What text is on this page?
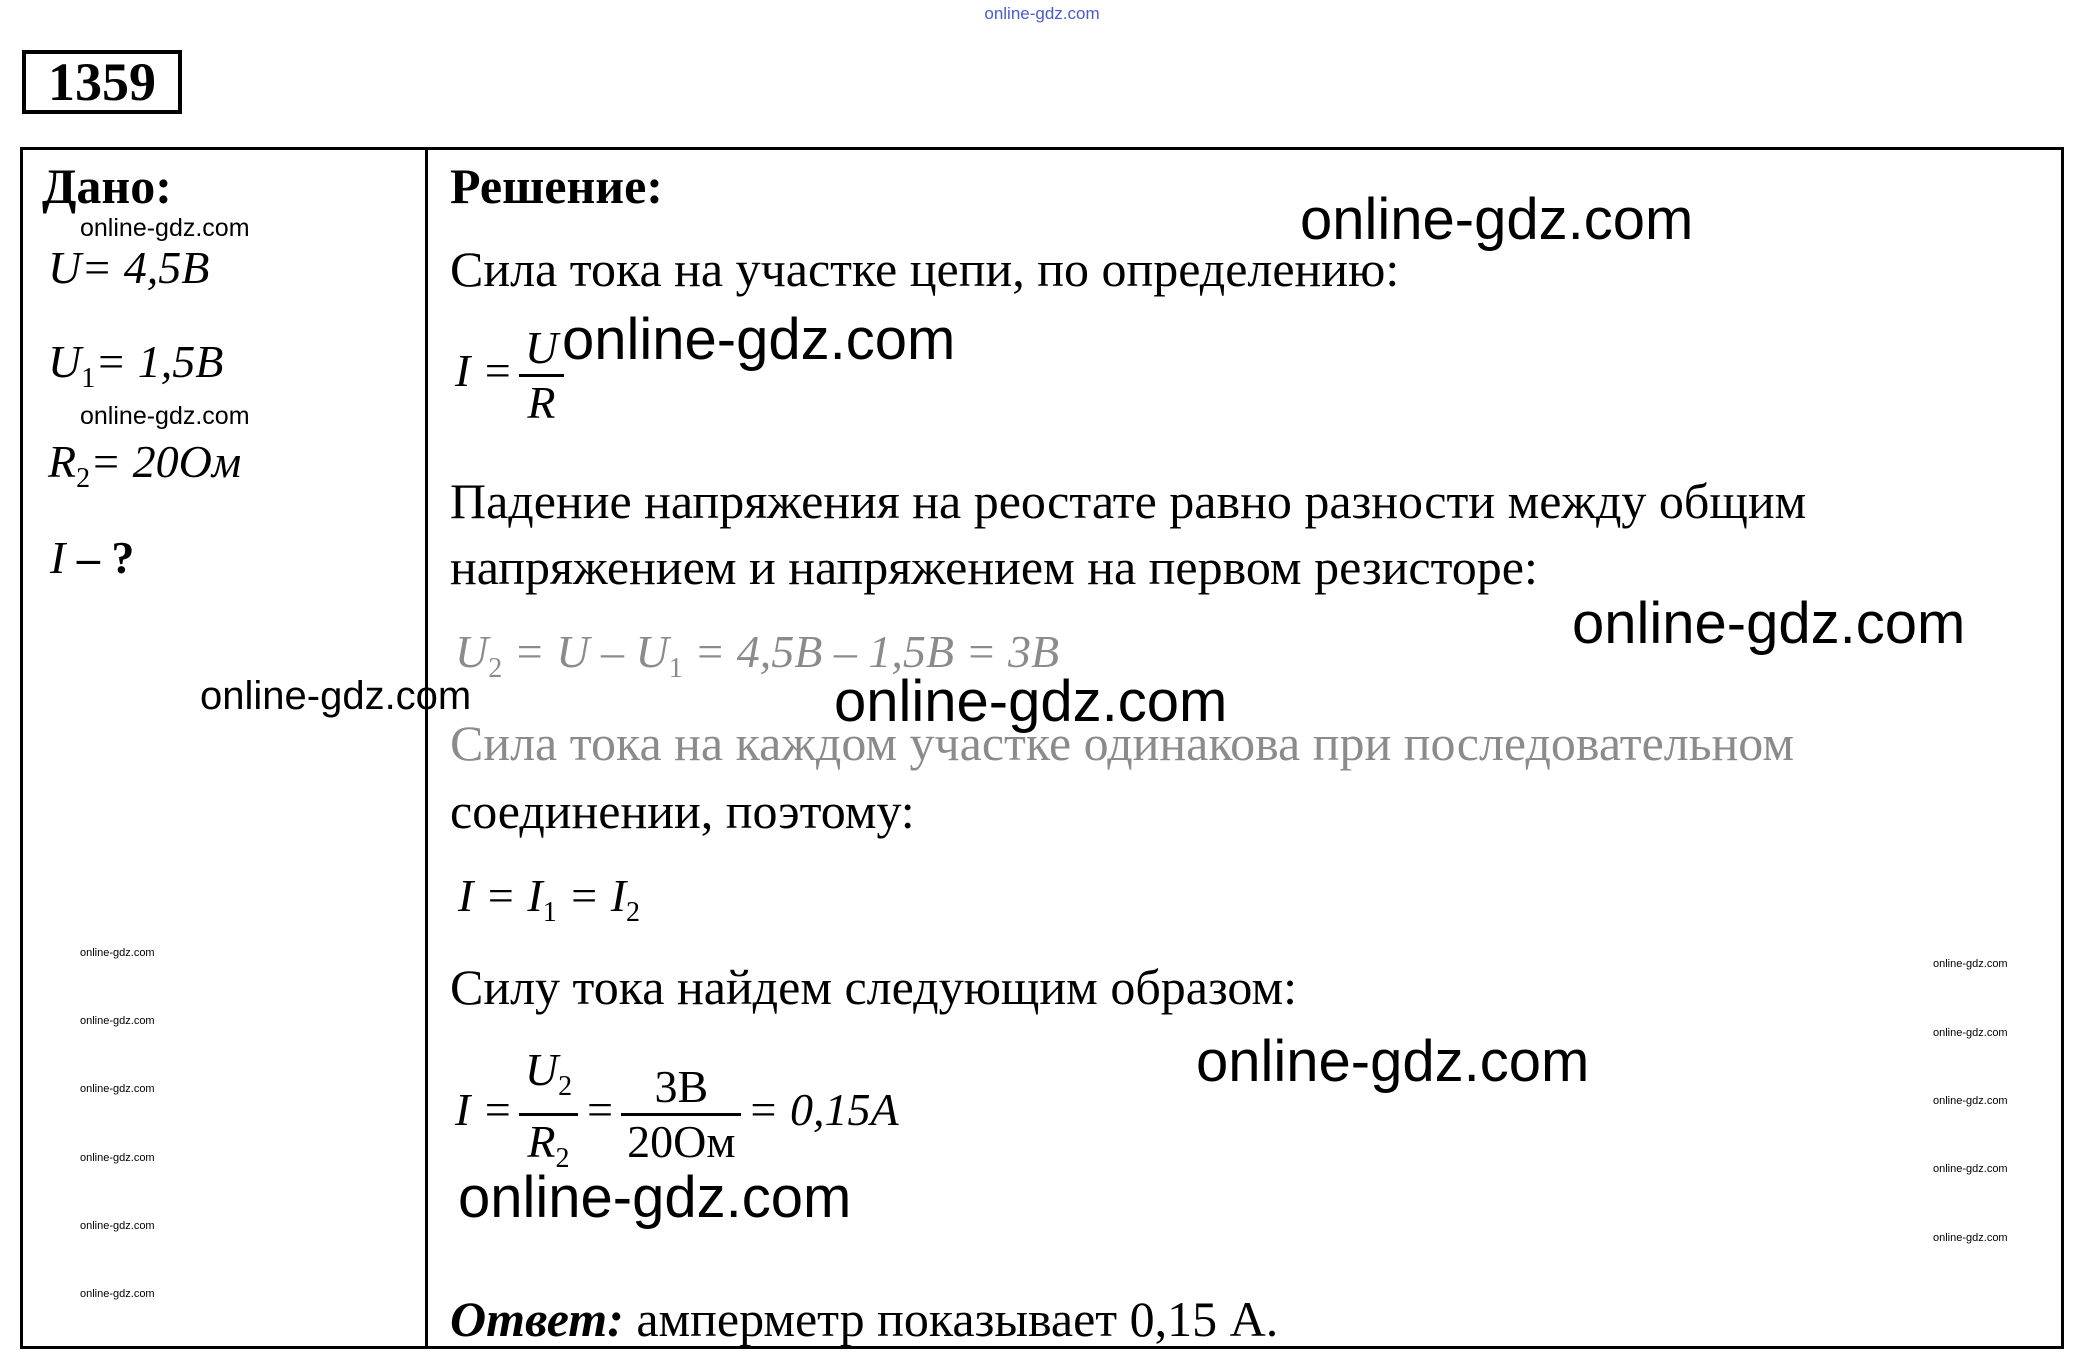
online-gdz.com
1359
Дано:
U= 4,5В
$U_1= 1,5В$
$R_2= 20Ом$
I – ?
Решение:
Сила тока на участке цепи, по определению:
$I = \frac{U}{R}$
Падение напряжения на реостате равно разности между общим
напряжением и напряжением на первом резисторе:
$U_2 = U - U_1 = 4,5В - 1,5В = 3В$
Сила тока на каждом участке одинакова при последовательном
соединении, поэтому:
$I = I_1 = I_2$
Силу тока найдем следующим образом:
$I = \frac{U_2}{R_2} = \frac{3В}{20Ом} = 0,15А$
Ответ: амперметр показывает 0,15 А.
online-gdz.com
online-gdz.com
online-gdz.com
online-gdz.com
online-gdz.com
online-gdz.com
online-gdz.com
online-gdz.com
online-gdz.com
online-gdz.com
online-gdz.com
online-gdz.com
online-gdz.com
online-gdz.com
online-gdz.com
online-gdz.com
online-gdz.com
online-gdz.com
online-gdz.com
online-gdz.com
